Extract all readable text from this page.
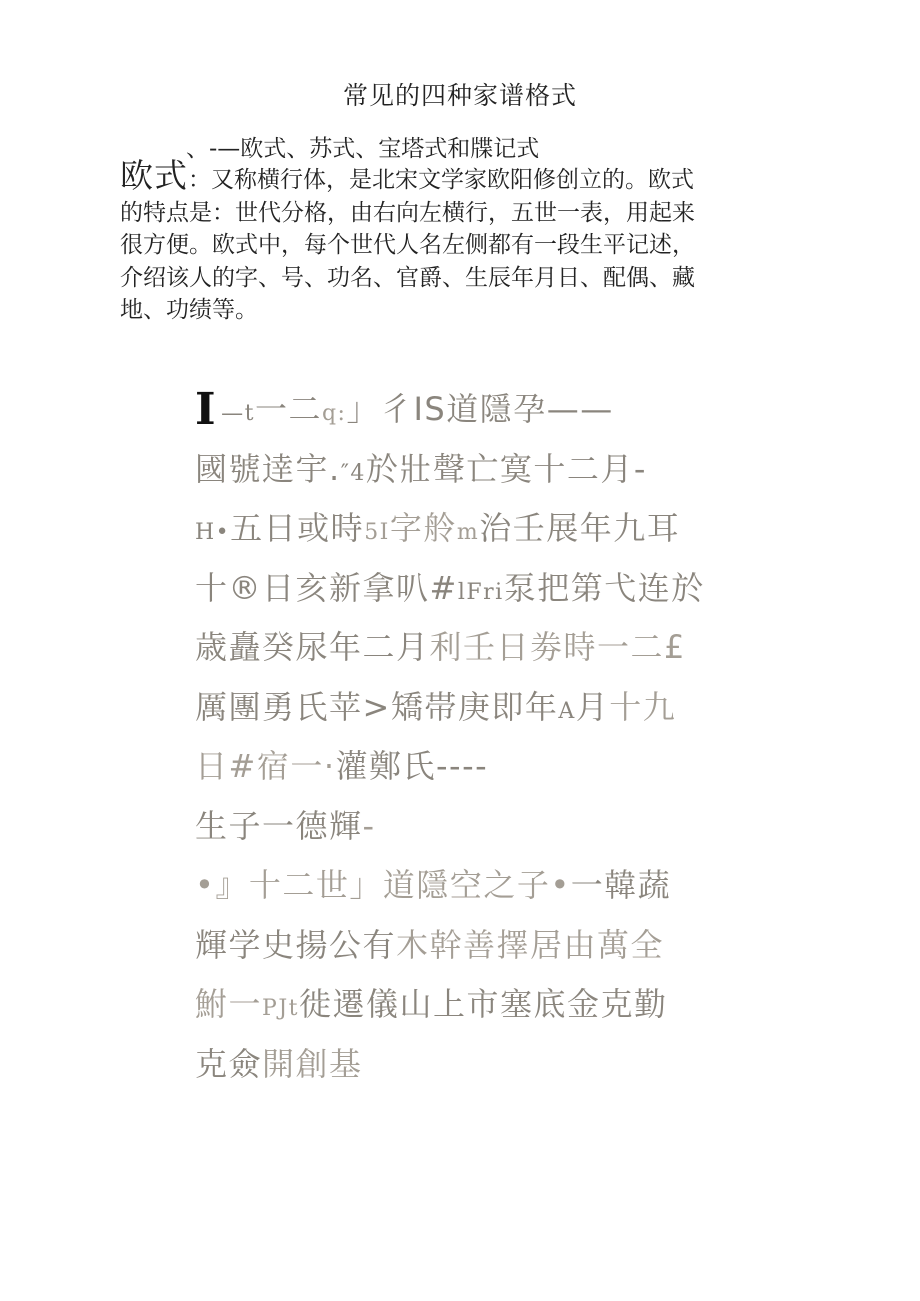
常见的四种家谱格式
、-—欧式、苏式、宝塔式和牒记式
欧式：又称横行体，是北宋文学家欧阳修创立的。欧式
的特点是：世代分格，由右向左横行，五世一表，用起来
很方便。欧式中，每个世代人名左侧都有一段生平记述，
介绍该人的字、号、功名、官爵、生辰年月日、配偶、藏
地、功绩等。
I —t一二q:」彳IS道隱孕——
國號逹宇.″4於壯聲亡寞十二月-
H•五日或時5I字舲m治壬展年九耳
十®日亥新拿叭#lFri泵把第弋连於
歳矗癸尿年二月利壬日劵時一二£
厲團勇氏苹>矯帯庚即年A月十九
日#宿一·灌鄭氏----
生子一德輝-
•』十二世」道隱空之子•一韓蔬
輝学史揚公有木幹善擇居由萬全
鮒一PJt徙遷儀山上市塞底金克勤
克僉開創基
